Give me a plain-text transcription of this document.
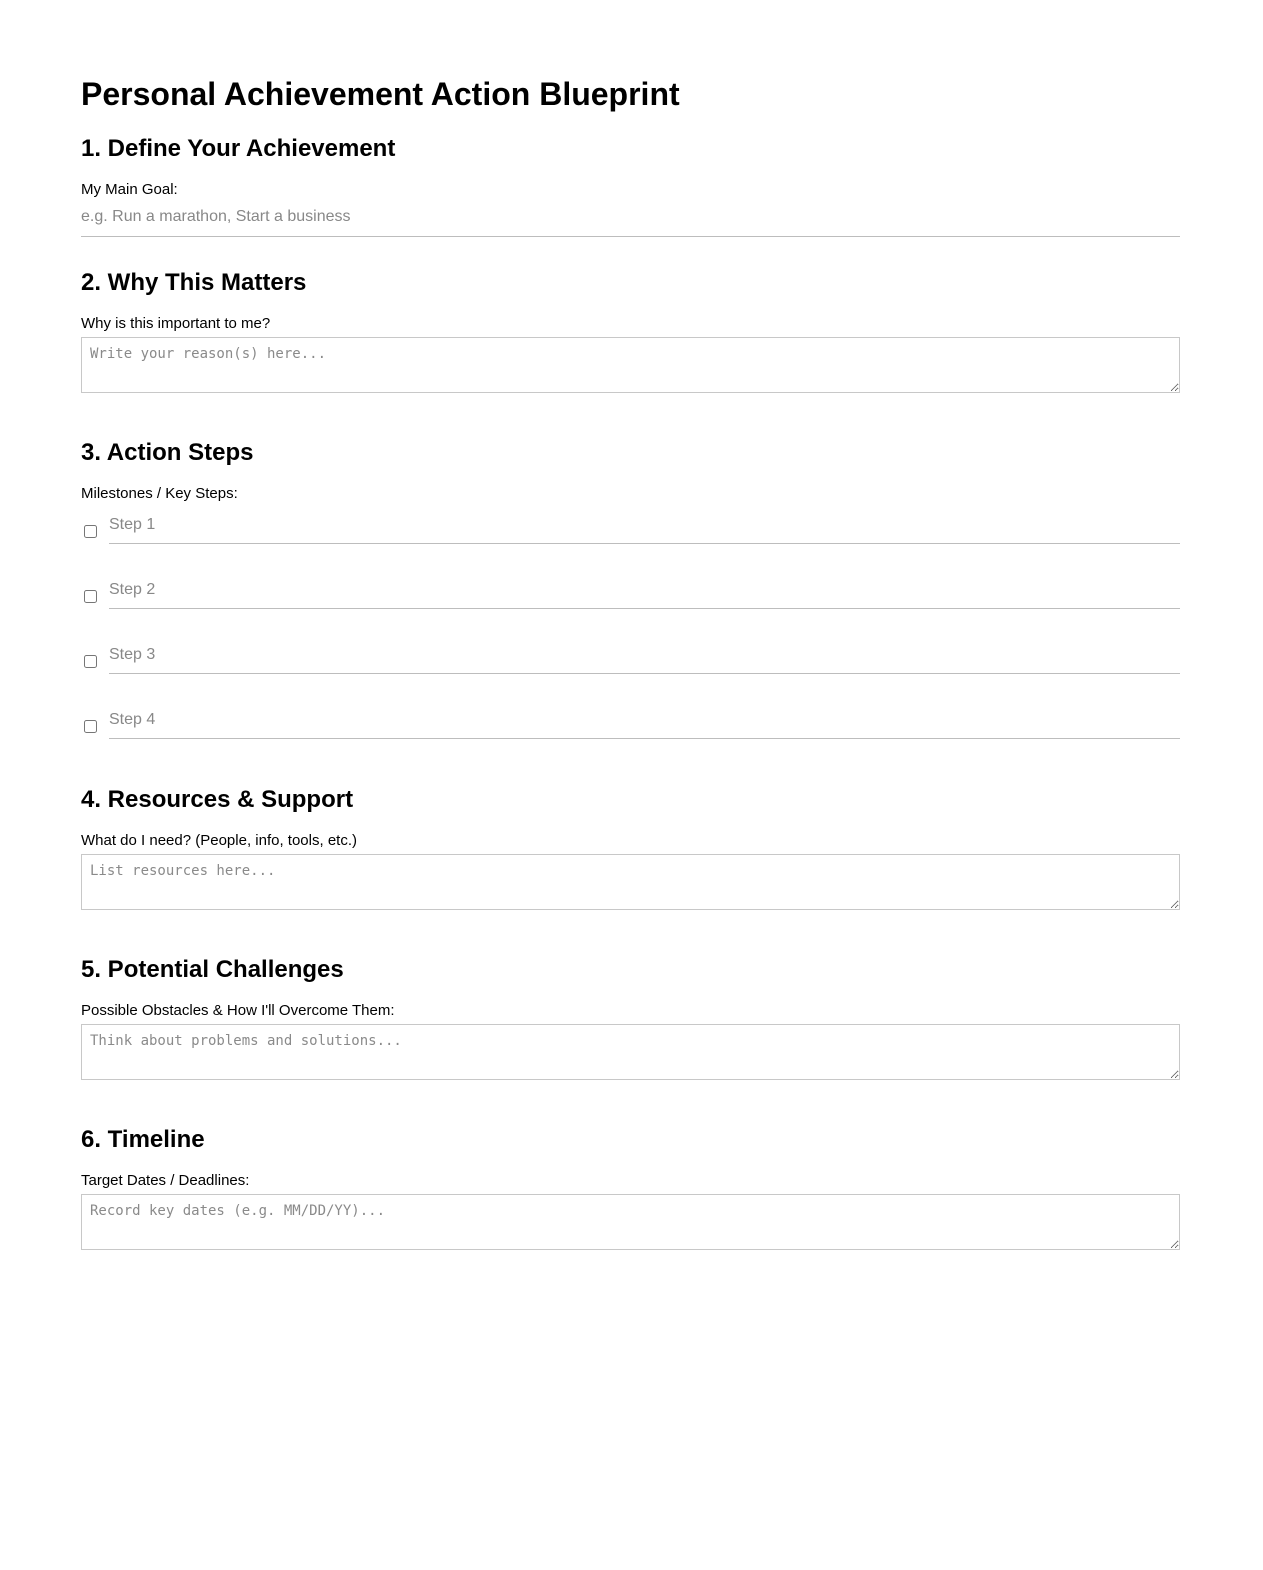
Personal Achievement Action Blueprint
1. Define Your Achievement
My Main Goal:
e.g. Run a marathon, Start a business
2. Why This Matters
Why is this important to me?
Write your reason(s) here...
3. Action Steps
Milestones / Key Steps:
Step 1
Step 2
Step 3
Step 4
4. Resources & Support
What do I need? (People, info, tools, etc.)
List resources here...
5. Potential Challenges
Possible Obstacles & How I'll Overcome Them:
Think about problems and solutions...
6. Timeline
Target Dates / Deadlines:
Record key dates (e.g. MM/DD/YY)...
